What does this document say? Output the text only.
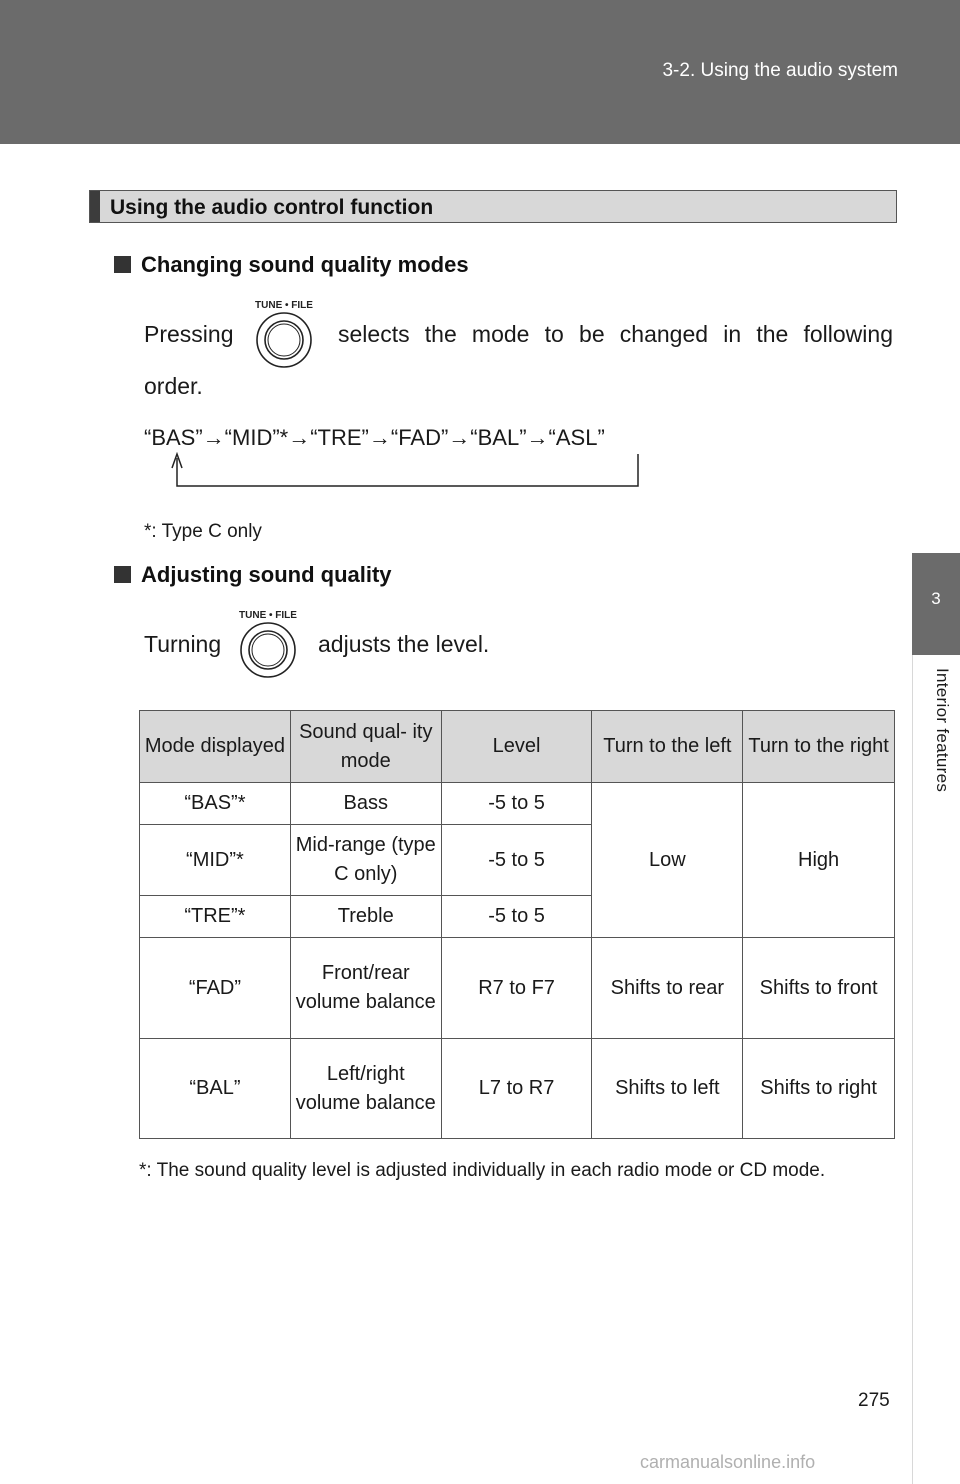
3-2. Using the audio system
3
Interior features
Using the audio control function
Changing sound quality modes
Pressing
TUNE • FILE
selects the mode to be changed in the following
order.
“BAS”→“MID”*→“TRE”→“FAD”→“BAL”→“ASL”
*: Type C only
Adjusting sound quality
Turning
TUNE • FILE
adjusts the level.
Mode displayed	Sound qual- ity mode	Level	Turn to the left	Turn to the right
“BAS”*	Bass	-5 to 5	Low	High
“MID”*	Mid-range (type C only)	-5 to 5		
“TRE”*	Treble	-5 to 5		
“FAD”	Front/rear volume balance	R7 to F7	Shifts to rear	Shifts to front
“BAL”	Left/right volume balance	L7 to R7	Shifts to left	Shifts to right
*: The sound quality level is adjusted individually in each radio mode or CD mode.
275
carmanualsonline.info
